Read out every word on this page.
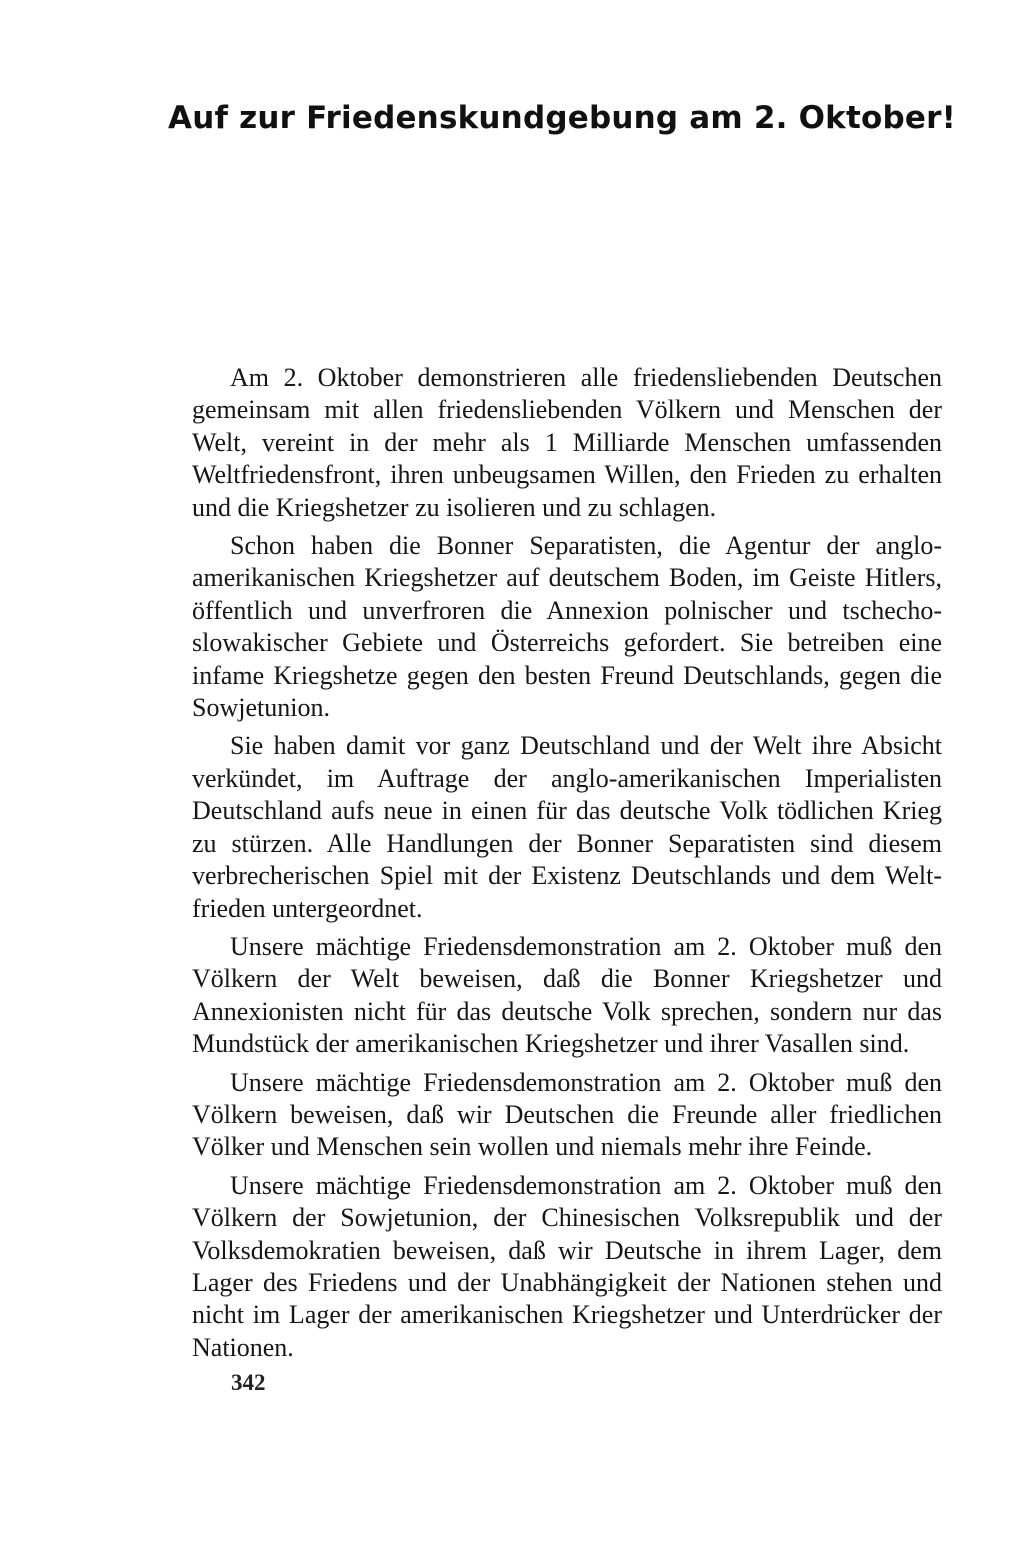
Auf zur Friedenskundgebung am 2. Oktober!

Am 2. Oktober demonstrieren alle friedensliebenden Deutschen gemeinsam mit allen friedensliebenden Völkern und Menschen der Welt, vereint in der mehr als 1 Milliarde Menschen umfassenden Weltfriedensfront, ihren unbeugsamen Willen, den Frieden zu erhalten und die Kriegshetzer zu isolieren und zu schlagen.

Schon haben die Bonner Separatisten, die Agentur der angloamerikanischen Kriegshetzer auf deutschem Boden, im Geiste Hitlers, öffentlich und unverfroren die Annexion polnischer und tschechoslowakischer Gebiete und Österreichs gefordert. Sie betreiben eine infame Kriegshetze gegen den besten Freund Deutschlands, gegen die Sowjetunion.

Sie haben damit vor ganz Deutschland und der Welt ihre Absicht verkündet, im Auftrage der anglo-amerikanischen Imperialisten Deutschland aufs neue in einen für das deutsche Volk tödlichen Krieg zu stürzen. Alle Handlungen der Bonner Separatisten sind diesem verbrecherischen Spiel mit der Existenz Deutschlands und dem Weltfrieden untergeordnet.

Unsere mächtige Friedensdemonstration am 2. Oktober muß den Völkern der Welt beweisen, daß die Bonner Kriegshetzer und Annexionisten nicht für das deutsche Volk sprechen, sondern nur das Mundstück der amerikanischen Kriegshetzer und ihrer Vasallen sind.

Unsere mächtige Friedensdemonstration am 2. Oktober muß den Völkern beweisen, daß wir Deutschen die Freunde aller friedlichen Völker und Menschen sein wollen und niemals mehr ihre Feinde.

Unsere mächtige Friedensdemonstration am 2. Oktober muß den Völkern der Sowjetunion, der Chinesischen Volksrepublik und der Volksdemokratien beweisen, daß wir Deutsche in ihrem Lager, dem Lager des Friedens und der Unabhängigkeit der Nationen stehen und nicht im Lager der amerikanischen Kriegshetzer und Unterdrücker der Nationen.

342
